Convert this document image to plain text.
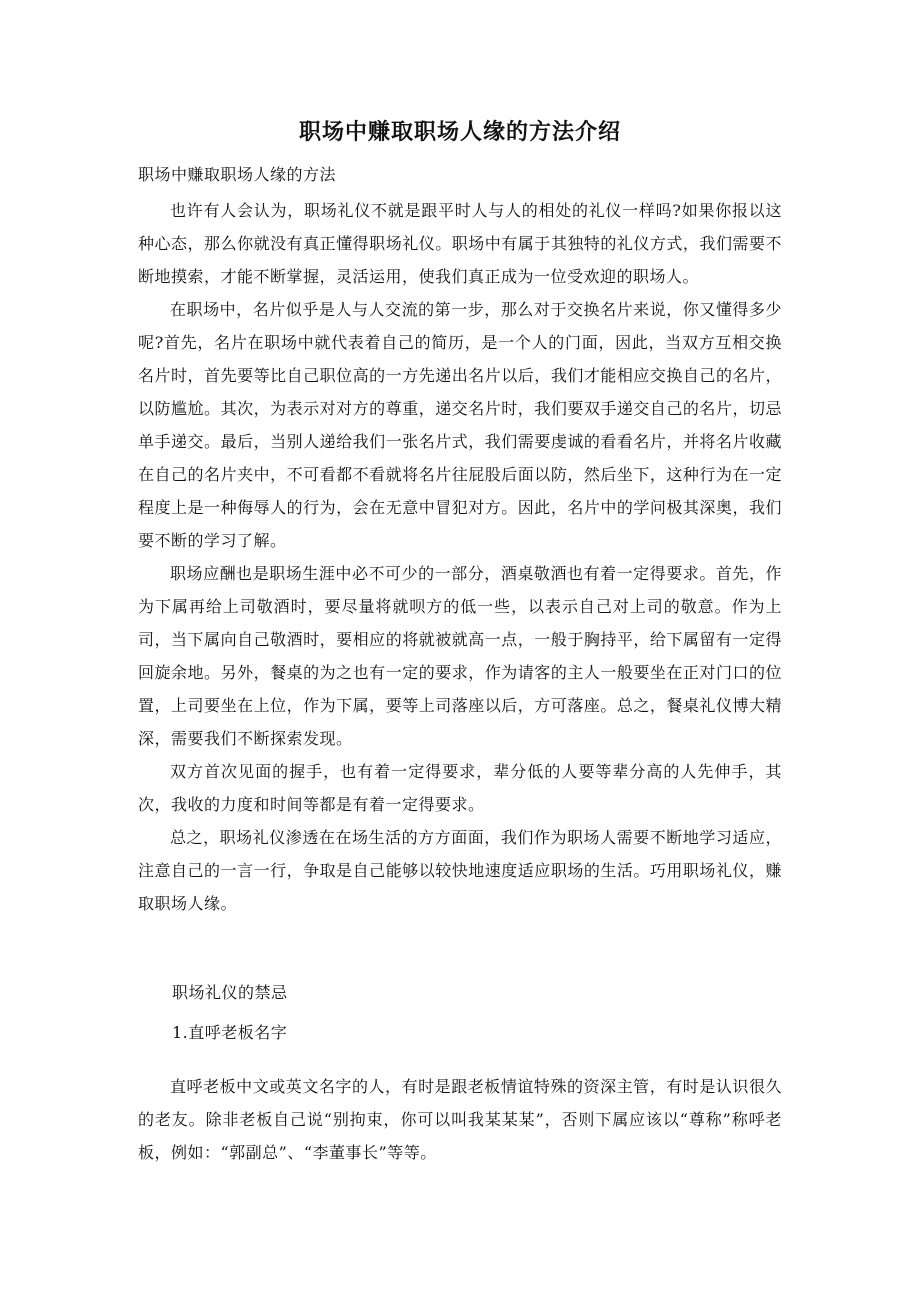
职场中赚取职场人缘的方法介绍
职场中赚取职场人缘的方法

也许有人会认为，职场礼仪不就是跟平时人与人的相处的礼仪一样吗?如果你报以这种心态，那么你就没有真正懂得职场礼仪。职场中有属于其独特的礼仪方式，我们需要不断地摸索，才能不断掌握，灵活运用，使我们真正成为一位受欢迎的职场人。

在职场中，名片似乎是人与人交流的第一步，那么对于交换名片来说，你又懂得多少呢?首先，名片在职场中就代表着自己的简历，是一个人的门面，因此，当双方互相交换名片时，首先要等比自己职位高的一方先递出名片以后，我们才能相应交换自己的名片，以防尴尬。其次，为表示对对方的尊重，递交名片时，我们要双手递交自己的名片，切忌单手递交。最后，当别人递给我们一张名片式，我们需要虔诚的看看名片，并将名片收藏在自己的名片夹中，不可看都不看就将名片往屁股后面以防，然后坐下，这种行为在一定程度上是一种侮辱人的行为，会在无意中冒犯对方。因此，名片中的学问极其深奥，我们要不断的学习了解。

职场应酬也是职场生涯中必不可少的一部分，酒桌敬酒也有着一定得要求。首先，作为下属再给上司敬酒时，要尽量将就呗方的低一些，以表示自己对上司的敬意。作为上司，当下属向自己敬酒时，要相应的将就被就高一点，一般于胸持平，给下属留有一定得回旋余地。另外，餐桌的为之也有一定的要求，作为请客的主人一般要坐在正对门口的位置，上司要坐在上位，作为下属，要等上司落座以后，方可落座。总之，餐桌礼仪博大精深，需要我们不断探索发现。

双方首次见面的握手，也有着一定得要求，辈分低的人要等辈分高的人先伸手，其次，我收的力度和时间等都是有着一定得要求。

总之，职场礼仪渗透在在场生活的方方面面，我们作为职场人需要不断地学习适应，注意自己的一言一行，争取是自己能够以较快地速度适应职场的生活。巧用职场礼仪，赚取职场人缘。

职场礼仪的禁忌
1.直呼老板名字

直呼老板中文或英文名字的人，有时是跟老板情谊特殊的资深主管，有时是认识很久的老友。除非老板自己说“别拘束，你可以叫我某某某”，否则下属应该以“尊称”称呼老板，例如：“郭副总”、“李董事长”等等。
